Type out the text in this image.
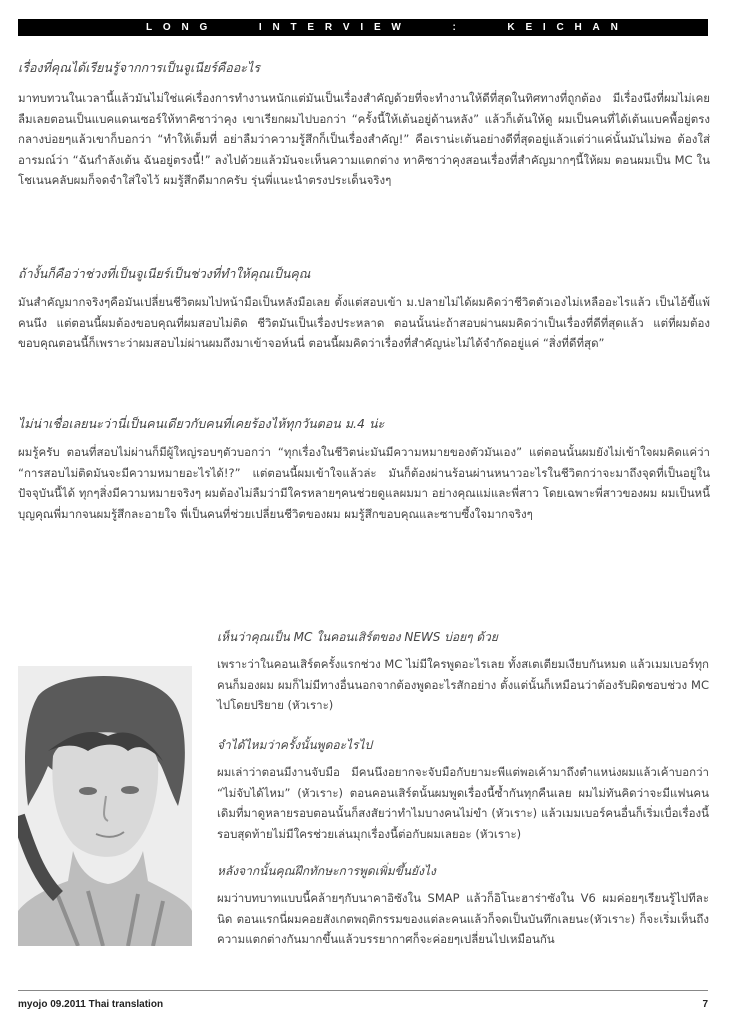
L O N G	I N T E R V I E W	:	K E I C H A N
เรื่องที่คุณได้เรียนรู้จากการเป็นจูเนียร์คืออะไร

มาทบทวนในเวลานี้แล้วมันไม่ใช่แค่เรื่องการทำงานหนักแต่มันเป็นเรื่องสำคัญด้วยที่จะทำงานให้ดีที่สุดในทิศทางที่ถูกต้อง มีเรื่องนึงที่ผมไม่เคยลืมเลยตอนเป็นแบคแดนเซอร์ให้ทาคิซาว่าคุง เขาเรียกผมไปบอกว่า “ครั้งนี้ให้เต้นอยู่ด้านหลัง” แล้วก็เต้นให้ดู ผมเป็นคนที่ได้เต้นแบคพื้อยู่ตรงกลางบ่อยๆแล้วเขาก็บอกว่า “ทำให้เต็มที่ อย่าลืมว่าความรู้สึกก็เป็นเรื่องสำคัญ!” คือเราน่ะเต้นอย่างดีที่สุดอยู่แล้วแต่ว่าแค่นั้นมันไม่พอ ต้องใส่อารมณ์ว่า “ฉันกำลังเต้น ฉันอยู่ตรงนี้!” ลงไปด้วยแล้วมันจะเห็นความแตกต่าง ทาคิซาว่าคุงสอนเรื่องที่สำคัญมากๆนี้ให้ผม ตอนผมเป็น MC ในโชเนนคลับผมก็จดจำใส่ใจไว้ ผมรู้สึกดีมากครับ รุ่นพี่แนะนำตรงประเด็นจริงๆ

ถ้างั้นก็คือว่าช่วงที่เป็นจูเนียร์เป็นช่วงที่ทำให้คุณเป็นคุณ

มันสำคัญมากจริงๆคือมันเปลี่ยนชีวิตผมไปหน้ามือเป็นหลังมือเลย ตั้งแต่สอบเข้า ม.ปลายไม่ได้ผมคิดว่าชีวิตตัวเองไม่เหลืออะไรแล้ว เป็นไอ้ขี้แพ้คนนึง แต่ตอนนี้ผมต้องขอบคุณที่ผมสอบไม่ติด ชีวิตมันเป็นเรื่องประหลาด ตอนนั้นน่ะถ้าสอบผ่านผมคิดว่าเป็นเรื่องที่ดีที่สุดแล้ว แต่ที่ผมต้องขอบคุณตอนนี้ก็เพราะว่าผมสอบไม่ผ่านผมถึงมาเข้าจอห์นนี่ ตอนนี้ผมคิดว่าเรื่องที่สำคัญน่ะไม่ได้จำกัดอยู่แค่ “สิ่งที่ดีที่สุด”

ไม่น่าเชื่อเลยนะว่านี่เป็นคนเดียวกับคนที่เคยร้องไห้ทุกวันตอน ม.4 น่ะ

ผมรู้ครับ ตอนที่สอบไม่ผ่านก็มีผู้ใหญ่รอบๆตัวบอกว่า “ทุกเรื่องในชีวิตน่ะมันมีความหมายของตัวมันเอง” แต่ตอนนั้นผมยังไม่เข้าใจผมคิดแค่ว่า “การสอบไม่ติดมันจะมีความหมายอะไรได้!?” แต่ตอนนี้ผมเข้าใจแล้วล่ะ มันก็ต้องผ่านร้อนผ่านหนาวอะไรในชีวิตกว่าจะมาถึงจุดที่เป็นอยู่ในปัจจุบันนี้ได้ ทุกๆสิ่งมีความหมายจริงๆ ผมต้องไม่ลืมว่ามีใครหลายๆคนช่วยดูแลผมมา อย่างคุณแม่และพี่สาว โดยเฉพาะพี่สาวของผม ผมเป็นหนี้บุญคุณพี่มากจนผมรู้สึกละอายใจ พี่เป็นคนที่ช่วยเปลี่ยนชีวิตของผม ผมรู้สึกขอบคุณและซาบซึ้งใจมากจริงๆ

เห็นว่าคุณเป็น MC ในคอนเสิร์ตของ NEWS บ่อยๆ ด้วย

เพราะว่าในคอนเสิร์ตครั้งแรกช่วง MC ไม่มีใครพูดอะไรเลย ทั้งสเตเตียมเงียบกันหมด แล้วเมมเบอร์ทุกคนก็มองผม ผมก็ไม่มีทางอื่นนอกจากต้องพูดอะไรสักอย่าง ตั้งแต่นั้นก็เหมือนว่าต้องรับผิดชอบช่วง MC ไปโดยปริยาย (หัวเราะ)

จำได้ไหมว่าครั้งนั้นพูดอะไรไป

ผมเล่าว่าตอนมีงานจับมือ มีคนนึงอยากจะจับมือกับยามะพีแต่พอเค้ามาถึงตำแหน่งผมแล้วเค้าบอกว่า “ไม่จับได้ไหม” (หัวเราะ) ตอนคอนเสิร์ตนั้นผมพูดเรื่องนี้ซ้ำกันทุกคืนเลย ผมไม่ทันคิดว่าจะมีแฟนคนเดิมที่มาดูหลายรอบตอนนั้นก็สงสัยว่าทำไมบางคนไม่ขำ (หัวเราะ) แล้วเมมเบอร์คนอื่นก็เริ่มเบื่อเรื่องนี้ รอบสุดท้ายไม่มีใครช่วยเล่นมุกเรื่องนี้ต่อกับผมเลยอะ (หัวเราะ)

หลังจากนั้นคุณฝึกทักษะการพูดเพิ่มขึ้นยังไง

ผมว่าบทบาทแบบนี้คล้ายๆกับนาคาอิซังใน SMAP แล้วก็อิโนะฮาร่าซังใน V6 ผมค่อยๆเรียนรู้ไปทีละนิด ตอนแรกนี่ผมคอยสังเกตพฤติกรรมของแต่ละคนแล้วก็จดเป็นบันทึกเลยนะ(หัวเราะ) ก็จะเริ่มเห็นถึงความแตกต่างกันมากขึ้นแล้วบรรยากาศก็จะค่อยๆเปลี่ยนไปเหมือนกัน

myojo 09.2011 Thai translation	7
